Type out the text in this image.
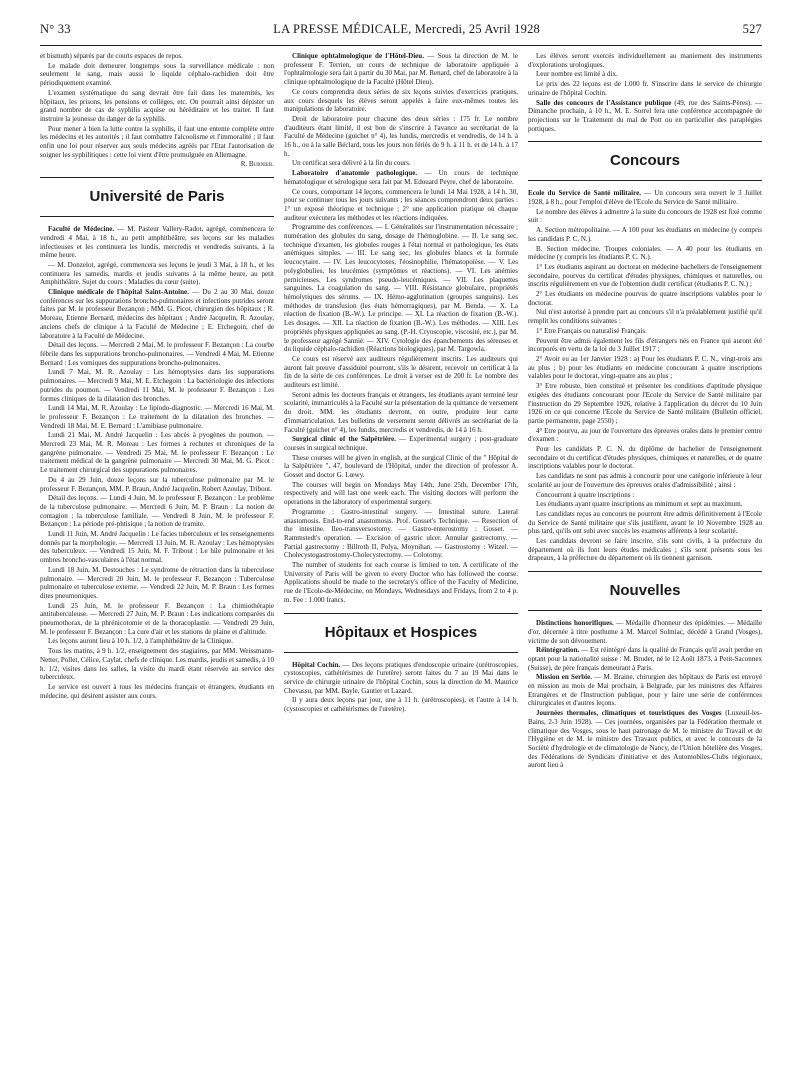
N° 33	LA PRESSE MÉDICALE, Mercredi, 25 Avril 1928	527

et bismuth) séparés par de courts espaces de repos.

Le malade doit demeurer longtemps sous la surveillance médicale : non seulement le sang, mais aussi le liquide céphalo-rachidien doit être périodiquement examiné.

L'examen systématique du sang devrait être fait dans les maternités, les hôpitaux, les prisons, les pensions et collèges, etc. On pourrait ainsi dépister un grand nombre de cas de syphilis acquise ou héréditaire et les traiter. Il faut instruire la jeunesse du danger de la syphilis.

Pour mener à bien la lutte contre la syphilis, il faut une entente complète entre les médecins et les autorités ; il faut combattre l'alcoolisme et l'immoralité ; il faut enfin une loi pour réserver aux seuls médecins agréés par l'Etat l'autorisation de soigner les syphilitiques : cette loi vient d'être promulguée en Allemagne.

R. Burnier.

Université de Paris

Faculté de Médecine. — M. Pasteur Vallery-Radot, agrégé, commencera le vendredi 4 Mai, à 18 h., au petit amphithéâtre, ses leçons sur les maladies infectieuses et les continuera les lundis, mercredis et vendredis suivants, à la même heure.

— M. Donzelot, agrégé, commencera ses leçons le jeudi 3 Mai, à 18 h., et les continuera les samedis, mardis et jeudis suivants à la même heure, au petit Amphithéâtre. Sujet du cours : Maladies du cœur (suite).

Clinique médicale de l'hôpital Saint-Antoine. — Du 2 au 30 Mai, douze conférences sur les suppurations broncho-pulmonaires et infections putrides seront faites par M. le professeur Bezançon ; MM. G. Picot, chirurgien des hôpitaux ; R. Moreau, Etienne Bernard, médecins des hôpitaux ; André Jacquelin, R. Azoulay, anciens chefs de clinique à la Faculté de Médecine ; E. Etchegoin, chef de laboratoire à la Faculté de Médecine.

Détail des leçons. — Mercredi 2 Mai, M. le professeur F. Bezançon : La courbe fébrile dans les suppurations broncho-pulmonaires. — Vendredi 4 Mai, M. Etienne Bernard : Les vomiques des suppurations broncho-pulmonaires.

Lundi 7 Mai, M. R. Azoulay : Les hémoptysies dans les suppurations pulmonaires. — Mercredi 9 Mai, M. E. Etchegoin : La bactériologie des infections putrides du poumon. — Vendredi 11 Mai, M. le professeur F. Bezançon : Les formes cliniques de la dilatation des bronches.

Lundi 14 Mai, M. R. Azoulay : Le lipiodo-diagnostic. — Mercredi 16 Mai, M. le professeur F. Bezançon : Le traitement de la dilatation des bronches. — Vendredi 18 Mai, M. E. Bernard : L'amibiase pulmonaire.

Lundi 21 Mai, M. André Jacquelin : Les abcès à pyogènes du poumon. — Mercredi 23 Mai, M. R. Moreau : Les formes à rechutes et chroniques de la gangrène pulmonaire. — Vendredi 25 Mai, M. le professeur F. Bezançon : Le traitement médical de la gangrène pulmonaire — Mercredi 30 Mai, M. G. Picot : Le traitement chirurgical des suppurations pulmonaires.

Du 4 au 29 Juin, douze leçons sur la tuberculose pulmonaire par M. le professeur F. Bezançon, MM. P. Braun, André Jacquelin, Robert Azoulay, Tribout.

Détail des leçons. — Lundi 4 Juin, M. le professeur F. Bezançon : Le problème de la tuberculose pulmonaire. — Mercredi 6 Juin, M. P. Braun : La notion de contagion ; la tuberculose familiale. — Vendredi 8 Juin, M. le professeur F. Bezançon : La période pré-phtisique ; la notion de tramite.

Lundi 11 Juin, M. André Jacquelin : Le facies tuberculeux et les renseignements donnés par la morphologie. — Mercredi 13 Juin, M. R. Azoulay : Les hémoptysies des tuberculeux. — Vendredi 15 Juin, M. F. Tribout : Le hile pulmonaire et les ombres broncho-vasculaires à l'état normal.

Lundi 18 Juin, M. Destouches : Le syndrome de rétraction dans la tuberculose pulmonaire. — Mercredi 20 Juin, M. le professeur F. Bezançon : Tuberculose pulmonaire et tuberculose externe. — Vendredi 22 Juin, M. P. Braun : Les formes dites pneumoniques.

Lundi 25 Juin, M. le professeur F. Bezançon : La chimiothérapie antituberculeuse. — Mercredi 27 Juin, M. P. Braun : Les indications comparées du pneumothorax, de la phrénicotomie et de la thoracoplastie. — Vendredi 29 Juin, M. le professeur F. Bezançon : La cure d'air et les stations de plaine et d'altitude.

Les leçons auront lieu à 10 h. 1/2, à l'amphithéâtre de la Clinique.

Tous les matins, à 9 h. 1/2, enseignement des stagiaires, par MM. Weissmann-Netter, Pollet, Célice, Caylat, chefs de clinique. Les mardis, jeudis et samedis, à 10 h. 1/2, visites dans les salles, la visite du mardi étant réservée au service des tuberculeux.

Le service est ouvert à tous les médecins français et étrangers, étudiants en médecine, qui désirent assister aux cours.

Clinique ophtalmologique de l'Hôtel-Dieu. — Sous la direction de M. le professeur F. Terrien, un cours de technique de laboratoire appliquée à l'ophtalmologie sera fait à partir du 30 Mai, par M. Renard, chef de laboratoire à la clinique ophtalmologique de la Faculté (Hôtel Dieu).

Ce cours comprendra deux séries de six leçons suivies d'exercices pratiques, aux cours desquels les élèves seront appelés à faire eux-mêmes toutes les manipulations de laboratoire.

Droit de laboratoire pour chacune des deux séries : 175 fr. Le nombre d'auditeurs étant limité, il est bon de s'inscrire à l'avance au secrétariat de la Faculté de Médecine (guichet n° 4), les lundis, mercredis et vendredis, de 14 h. à 16 h., ou à la salle Béclard, tous les jours non fériés de 9 h. à 11 h. et de 14 h. à 17 h.

Un certificat sera délivré à la fin du cours.

Laboratoire d'anatomie pathologique. — Un cours de technique hématologique et sérologique sera fait par M. Edouard Peyre, chef de laboratoire.

Ce cours, comportant 14 leçons, commencera le lundi 14 Mai 1928, à 14 h. 30, pour se continuer tous les jours suivants ; les séances comprendront deux parties : 1° un exposé théorique et technique ; 2° une application pratique où chaque auditeur exécutera les méthodes et les réactions indiquées.

Programme des conférences. — I. Généralités sur l'instrumentation nécessaire ; numération des globules du sang, dosage de l'hémoglobine. — II. Le sang sec, technique d'examen, les globules rouges à l'état normal et pathologique, les états anémiques simples. — III. Le sang sec, les globules blancs et la formule leucocytaire. — IV. Les leucocytoses, l'éosinophilie, l'hématopoïèse. — V. Les polyglobulies, les leucémies (symptômes et réactions). — VI. Les anémies pernicieuses. Les syndromes pseudo-leucémiques. — VII. Les plaquettes sanguines. La coagulation du sang. — VIII. Résistance globulaire, propriétés hémolytiques des sérums. — IX. Hémo-agglutination (groupes sanguins). Les méthodes de transfusion (les états hémorragiques), par M. Benda. — X. La réaction de fixation (B.-W.). Le principe. — XI. La réaction de fixation (B.-W.). Les dosages. — XII. La réaction de fixation (B.-W.). Les méthodes. — XIII. Les propriétés physiques appliquées au sang. (P.-H. Cryoscopie, viscosité, etc.), par M. le professeur agrégé Sannié. — XIV. Cytologie des épanchements des séreuses et du liquide céphalo-rachidien (Réactions biologiques), par M. Targowla.

Ce cours est réservé aux auditeurs régulièrement inscrits. Les auditeurs qui auront fait preuve d'assiduité pourront, s'ils le désirent, recevoir un certificat à la fin de la série de ces conférences. Le droit à verser est de 200 fr. Le nombre des auditeurs est limité.

Seront admis les docteurs français et étrangers, les étudiants ayant terminé leur scolarité, immatriculés à la Faculté sur la présentation de la quittance de versement du droit. MM. les étudiants devront, en outre, produire leur carte d'immatriculation. Les bulletins de versement seront délivrés au secrétariat de la Faculté (guichet n° 4), les lundis, mercredis et vendredis, de 14 à 16 h.

Surgical clinic of the Salpêtrière. — Experimental surgery ; post-graduate courses in surgical technique.

These courses will be given in english, at the surgical Clinic of the " Hôpital de la Salpêtrière ", 47, boulevard de l'Hôpital, under the direction of professor A. Gosset and doctor G. Lœwy.

The courses will begin on Mondays May 14th, June 25th, December 17th, respectively and will last one week each. The visiting doctors will perform the operations in the laboratory of experimental surgery.

Programme : Gastro-intestinal surgery. — Intestinal suture. Lateral anastomosis. End-to-end anastomosis. Prof. Gosset's Technique. — Resection of the intestine. Ileo-transversostomy. — Gastro-enterostomy : Gosset. — Rammstedt's operation. — Excision of gastric ulcer. Annular gastrectomy. — Partial gastrectomy : Billroth II, Polya, Moynihan. — Gastrostomy : Witzel. — Cholecystogastrostomy-Cholecystectomy. — Colotomy.

The number of students for each course is limited to ten. A certificate of the University of Paris will be given to every Doctor who has followed the course. Applications should be made to the secretary's office of the Faculty of Medicine, rue de l'Ecole-de-Médecine, on Mondays, Wednesdays and Fridays, from 2 to 4 p. m. Fee : 1.000 francs.

Hôpitaux et Hospices

Hôpital Cochin. — Des leçons pratiques d'endoscopie urinaire (urétroscopies, cystoscopies, cathétérismes de l'uretère) seront faites du 7 au 19 Mai dans le service de chirurgie urinaire de l'hôpital Cochin, sous la direction de M. Maurice Chevassu, par MM. Bayle, Gautier et Lazard.

Il y aura deux leçons par jour, une à 11 h. (urétroscopies), et l'autre à 14 h. (cystoscopies et cathétérismes de l'uretère).

Les élèves seront exercés individuellement au maniement des instruments d'explorations urologiques.

Leur nombre est limité à dix.

Le prix des 22 leçons est de 1.000 fr. S'inscrire dans le service de chirurgie urinaire de l'hôpital Cochin.

Salle des concours de l'Assistance publique (49, rue des Saints-Pères). — Dimanche prochain, à 10 h., M. E. Sorrel fera une conférence accompagnée de projections sur le Traitement du mal de Pott ou en particulier des paraplégies pottiques.

Concours

Ecole du Service de Santé militaire. — Un concours sera ouvert le 3 Juillet 1928, à 8 h., pour l'emploi d'élève de l'Ecole du Service de Santé militaire.

Le nombre des élèves à admettre à la suite du concours de 1928 est fixé comme suit :

A. Section métropolitaine. — A 100 pour les étudiants en médecine (y compris les candidats P. C. N.).

B. Section médecine. Troupes coloniales. — A 40 pour les étudiants en médecine (y compris les étudiants P. C. N.).

1° Les étudiants aspirant au doctorat en médecine bacheliers de l'enseignement secondaire, pourvus du certificat d'études physiques, chimiques et naturelles, ou inscrits régulièrement en vue de l'obtention dudit certificat (étudiants P. C. N.) ;

2° Les étudiants en médecine pourvus de quatre inscriptions valables pour le doctorat.

Nul n'est autorisé à prendre part au concours s'il n'a préalablement justifié qu'il remplit les conditions suivantes :

1° Etre Français ou naturalisé Français.

Peuvent être admis également les fils d'étrangers nés en France qui auront été incorporés en vertu de la loi du 3 Juillet 1917 ;

2° Avoir eu au 1er Janvier 1928 : a) Pour les étudiants P. C. N., vingt-trois ans au plus ; b) pour les étudiants en médecine concourant à quatre inscriptions valables pour le doctorat, vingt-quatre ans au plus ;

3° Etre robuste, bien constitué et présenter les conditions d'aptitude physique exigées des étudiants concourant pour l'Ecole du Service de Santé militaire par l'instruction du 29 Septembre 1926, relative à l'application du décret du 10 Juin 1926 en ce qui concerne l'Ecole du Service de Santé militaire (Bulletin officiel, partie permanente, page 2550) ;

4° Etre pourvu, au jour de l'ouverture des épreuves orales dans le premier centre d'examen :

Pour les candidats P. C. N. du diplôme de bachelier de l'enseignement secondaire et du certificat d'études physiques, chimiques et naturelles, et de quatre inscriptions valables pour le doctorat.

Les candidats ne sont pas admis à concourir pour une catégorie inférieure à leur scolarité au jour de l'ouverture des épreuves orales d'admissibilité ; ainsi :

Concourront à quatre inscriptions :

Les étudiants ayant quatre inscriptions au minimum et sept au maximum.

Les candidats reçus au concours ne pourront être admis définitivement à l'Ecole du Service de Santé militaire que s'ils justifient, avant le 10 Novembre 1928 au plus tard, qu'ils ont subi avec succès les examens afférents à leur scolarité.

Les candidats devront se faire inscrire, s'ils sont civils, à la préfecture du département où ils font leurs études médicales ; s'ils sont présents sous les drapeaux, à la préfecture du département où ils tiennent garnison.

Nouvelles

Distinctions honorifiques. — Médaille d'honneur des épidémies. — Médaille d'or, décernée à titre posthume à M. Marcel Solmiac, décédé à Grand (Vosges), victime de son dévouement.

Réintégration. — Est réintégré dans la qualité de Français qu'il avait perdue en optant pour la nationalité suisse : M. Bruder, né le 12 Août 1873, à Petit-Saconnex (Suisse), de père français demeurant à Paris.

Mission en Serbie. — M. Braine, chirurgien des hôpitaux de Paris est envoyé en mission au mois de Mai prochain, à Belgrade, par les ministres des Affaires Etrangères et de l'Instruction publique, pour y faire une série de conférences chirurgicales et d'autres leçons.

Journées thermales, climatiques et touristiques des Vosges (Luxeuil-les-Bains, 2-3 Juin 1928). — Ces journées, organisées par la Fédération thermale et climatique des Vosges, sous le haut patronage de M. le ministre du Travail et de l'Hygiène et de M. le ministre des Travaux publics, et avec le concours de la Société d'hydrologie et de climatologie de Nancy, de l'Union hôtelière des Vosges, des Fédérations de Syndicats d'initiative et des Automobiles-Clubs régionaux, auront lieu à
